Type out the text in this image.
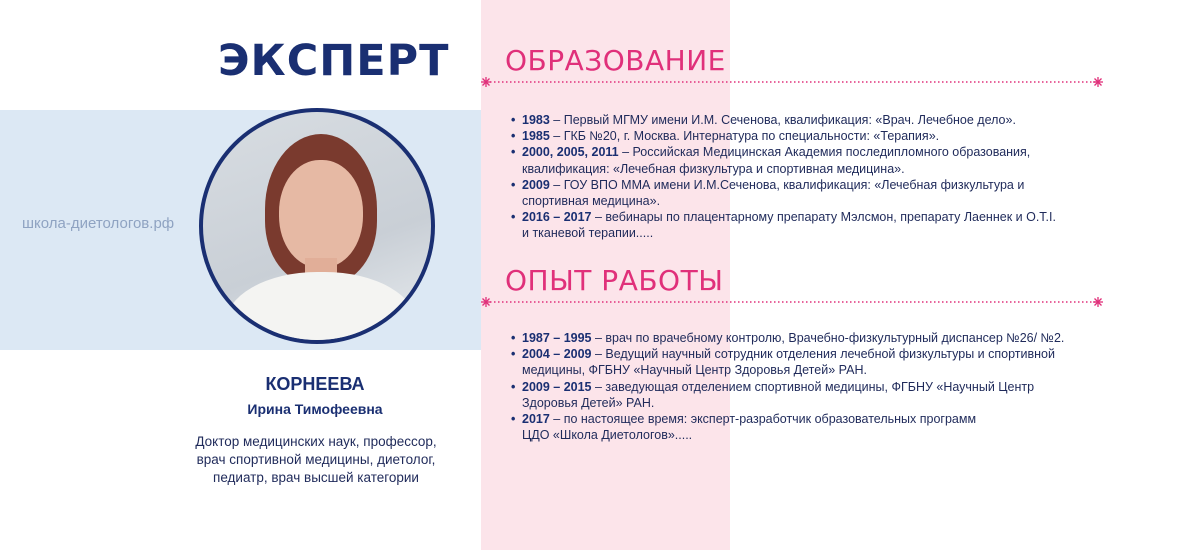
ЭКСПЕРТ
школа-диетологов.рф
КОРНЕЕВА
Ирина Тимофеевна
Доктор медицинских наук, профессор,
врач спортивной медицины, диетолог,
педиатр, врач высшей категории
ОБРАЗОВАНИЕ
• 1983 – Первый МГМУ имени И.М. Сеченова, квалификация: «Врач. Лечебное дело».
• 1985 – ГКБ №20, г. Москва. Интернатура по специальности: «Терапия».
• 2000, 2005, 2011 – Российская Медицинская Академия последипломного образования,
квалификация: «Лечебная физкультура и спортивная медицина».
• 2009 – ГОУ ВПО ММА имени И.М.Сеченова, квалификация: «Лечебная физкультура и
спортивная медицина».
• 2016 – 2017 – вебинары по плацентарному препарату Мэлсмон, препарату Лаеннек и O.T.I.
и тканевой терапии.....
ОПЫТ РАБОТЫ
• 1987 – 1995 – врач по врачебному контролю, Врачебно-физкультурный диспансер №26/ №2.
• 2004 – 2009 – Ведущий научный сотрудник отделения лечебной физкультуры и спортивной
медицины, ФГБНУ «Научный Центр Здоровья Детей» РАН.
• 2009 – 2015 – заведующая отделением спортивной медицины, ФГБНУ «Научный Центр
Здоровья Детей» РАН.
• 2017 – по настоящее время: эксперт-разработчик образовательных программ
ЦДО «Школа Диетологов».....
